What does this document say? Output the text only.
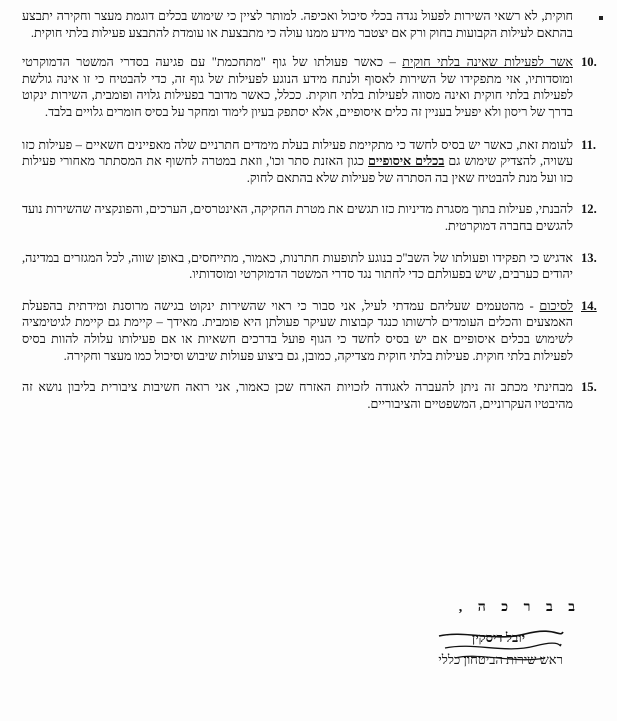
חוקית, לא רשאי השירות לפעול נגדה בכלי סיכול ואכיפה. למותר לציין כי שימוש בכלים דוגמת מעצר וחקירה יתבצע בהתאם לעילות הקבועות בחוק ורק אם יצטבר מידע ממנו עולה כי מתבצעת או עומדת להתבצע פעילות בלתי חוקית.

10.

אשר לפעילות שאינה בלתי חוקית – כאשר פעולתו של גוף "מתחכמת" עם פגיעה בסדרי המשטר הדמוקרטי ומוסדותיו, אזי מתפקידו של השירות לאסוף ולנתח מידע הנוגע לפעילות של גוף זה, כדי להבטיח כי זו אינה גולשת לפעילות בלתי חוקית ואינה מסווה לפעילות בלתי חוקית. ככלל, כאשר מדובר בפעילות גלויה ופומבית, השירות ינקוט בדרך של ריסון ולא יפעיל בעניין זה כלים איסופיים, אלא יסתפק בעיון לימוד ומחקר על בסיס חומרים גלויים בלבד.

11.

לעומת זאת, כאשר יש בסיס לחשד כי מתקיימת פעילות בעלת מימדים חתרניים שלה מאפיינים חשאיים – פעילות כזו עשויה, להצדיק שימוש גם בכלים איסופיים כגון האזנת סתר וכו', וזאת במטרה לחשוף את המסתתר מאחורי פעילות כזו ועל מנת להבטיח שאין בה הסתרה של פעילות שלא בהתאם לחוק.

12.

להבנתי, פעילות בתוך מסגרת מדיניות כזו תגשים את מטרת החקיקה, האינטרסים, הערכים, והפונקציה שהשירות נועד להגשים בחברה דמוקרטית.

13.

אדגיש כי תפקידו ופעולתו של השב"כ בנוגע לתופעות חתרנות, כאמור, מתייחסים, באופן שווה, לכל המגזרים במדינה, יהודים כערבים, שיש בפעולתם כדי לחתור נגד סדרי המשטר הדמוקרטי ומוסדותיו.

14.

לסיכום - מהטעמים שעליהם עמדתי לעיל, אני סבור כי ראוי שהשירות ינקוט בגישה מרוסנת ומידתית בהפעלת האמצעים והכלים העומדים לרשותו כנגד קבוצות שעיקר פעולתן היא פומבית. מאידך – קיימת גם קיימת לגיטימציה לשימוש בכלים איסופיים אם יש בסיס לחשד כי הגוף פועל בדרכים חשאיות או אם פעילותו עלולה להוות בסיס לפעילות בלתי חוקית. פעילות בלתי חוקית מצדיקה, כמובן, גם ביצוע פעולות שיבוש וסיכול כמו מעצר וחקירה.

15.

מבחינתי מכתב זה ניתן להעברה לאגודה לזכויות האזרח שכן כאמור, אני רואה חשיבות ציבורית בליבון נושא זה מהיבטיו העקרוניים, המשפטיים והציבוריים.

ב ב ר כ ה ,
יובל דיסקין
ראש שירות הביטחון כללי
